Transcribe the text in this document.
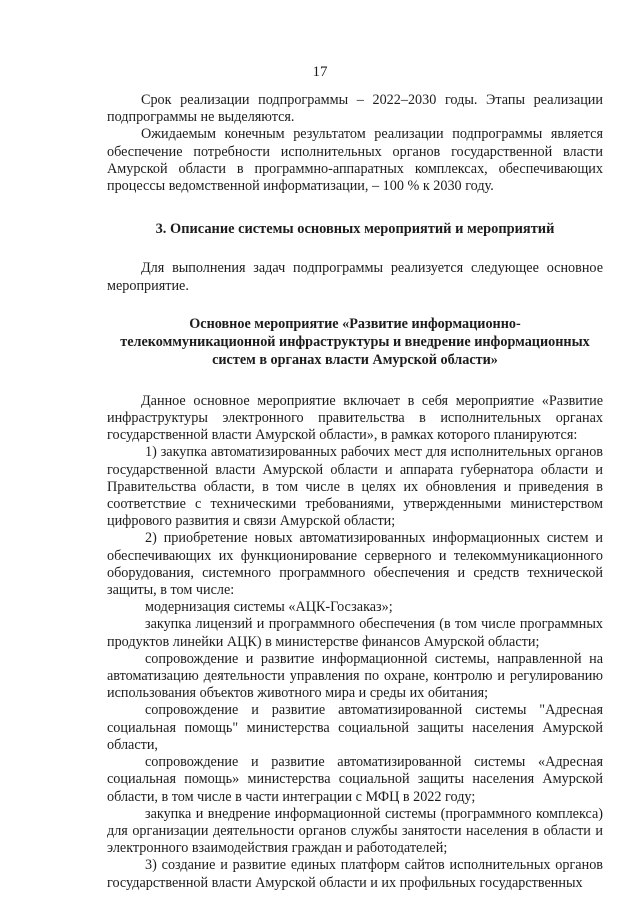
17

Срок реализации подпрограммы – 2022–2030 годы. Этапы реализации подпрограммы не выделяются.

Ожидаемым конечным результатом реализации подпрограммы является обеспечение потребности исполнительных органов государственной власти Амурской области в программно-аппаратных комплексах, обеспечивающих процессы ведомственной информатизации, – 100 % к 2030 году.

3. Описание системы основных мероприятий и мероприятий

Для выполнения задач подпрограммы реализуется следующее основное мероприятие.

Основное мероприятие «Развитие информационно-телекоммуникационной инфраструктуры и внедрение информационных систем в органах власти Амурской области»

Данное основное мероприятие включает в себя мероприятие «Развитие инфраструктуры электронного правительства в исполнительных органах государственной власти Амурской области», в рамках которого планируются:

1) закупка автоматизированных рабочих мест для исполнительных органов государственной власти Амурской области и аппарата губернатора области и Правительства области, в том числе в целях их обновления и приведения в соответствие с техническими требованиями, утвержденными министерством цифрового развития и связи Амурской области;

2) приобретение новых автоматизированных информационных систем и обеспечивающих их функционирование серверного и телекоммуникационного оборудования, системного программного обеспечения и средств технической защиты, в том числе:

модернизация системы «АЦК-Госзаказ»;

закупка лицензий и программного обеспечения (в том числе программных продуктов линейки АЦК) в министерстве финансов Амурской области;

сопровождение и развитие информационной системы, направленной на автоматизацию деятельности управления по охране, контролю и регулированию использования объектов животного мира и среды их обитания;

сопровождение и развитие автоматизированной системы "Адресная социальная помощь" министерства социальной защиты населения Амурской области,

сопровождение и развитие автоматизированной системы «Адресная социальная помощь» министерства социальной защиты населения Амурской области, в том числе в части интеграции с МФЦ в 2022 году;

закупка и внедрение информационной системы (программного комплекса) для организации деятельности органов службы занятости населения в области и электронного взаимодействия граждан и работодателей;

3) создание и развитие единых платформ сайтов исполнительных органов государственной власти Амурской области и их профильных государственных
